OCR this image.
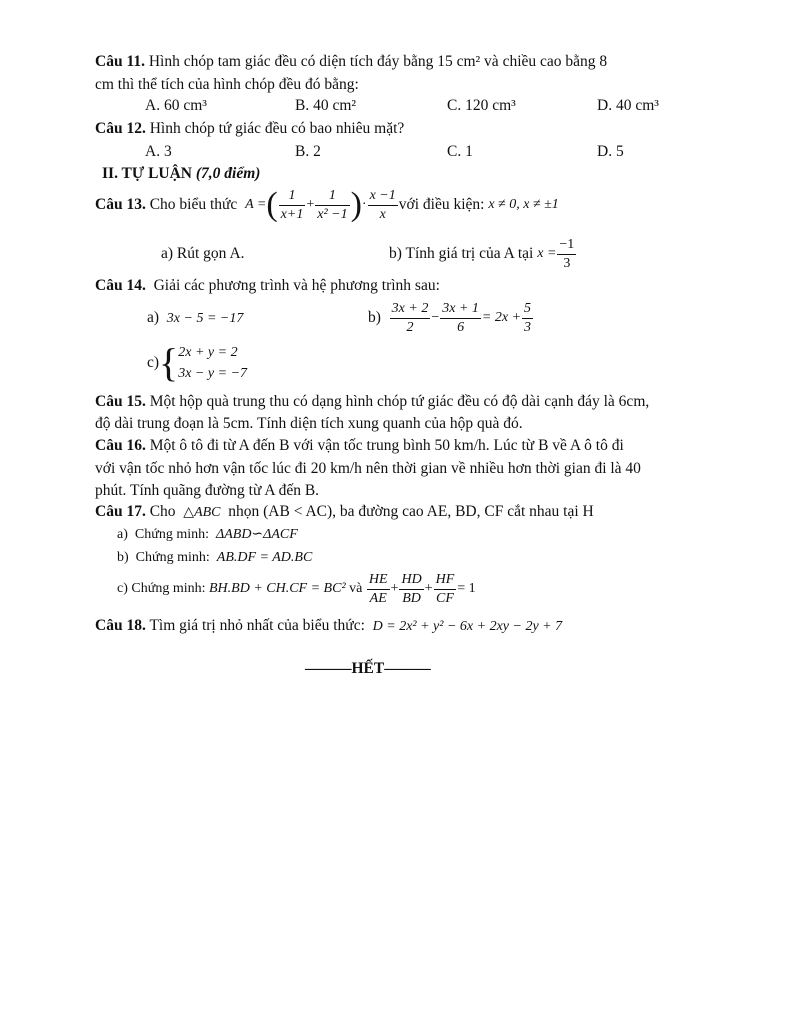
Câu 11. Hình chóp tam giác đều có diện tích đáy bằng 15 cm² và chiều cao bằng 8
cm thì thể tích của hình chóp đều đó bằng:
A. 60 cm³	B. 40 cm²	C. 120 cm³	D. 40 cm³
Câu 12. Hình chóp tứ giác đều có bao nhiêu mặt?
A. 3	B. 2	C. 1	D. 5
II. TỰ LUẬN (7,0 điểm)
Câu 13.
Cho biểu thức
A = ( $\frac{1}{x+1} + \frac{1}{\text{x² −1}}$ ) · $\frac{x -1}{x}$ với điều kiện:
x ≠ 0, x ≠ ±1
a) Rút gọn A.	b) Tính giá trị của A tại
$x = \frac{-1}{3}$
Câu 14. Giải các phương trình và hệ phương trình sau:
a) 3x − 5 = −17	b)
$\frac{3x + 2}{2} - \frac{3x + 1}{6} = 2x + \frac{5}{3}$
c) { 2x + y = 2
3x − y = −7
Câu 15. Một hộp quà trung thu có dạng hình chóp tứ giác đều có độ dài cạnh đáy là 6cm,
độ dài trung đoạn là 5cm. Tính diện tích xung quanh của hộp quà đó.
Câu 16. Một ô tô đi từ A đến B với vận tốc trung bình 50 km/h. Lúc từ B về A ô tô đi
với vận tốc nhỏ hơn vận tốc lúc đi 20 km/h nên thời gian về nhiều hơn thời gian đi là 40
phút. Tính quãng đường từ A đến B.
Câu 17. Cho △ABC nhọn (AB < AC), ba đường cao AE, BD, CF cắt nhau tại H
a) Chứng minh: ΔABD∽ΔACF
b) Chứng minh: AB.DF = AD.BC
c)
Chứng minh:
BH.BD + CH.CF = BC²
và
$\frac{HE}{AE} + \frac{HD}{BD} + \frac{HF}{CF} = 1$
Câu 18. Tìm giá trị nhỏ nhất của biểu thức: D = 2x² + y² − 6x + 2xy − 2y + 7
———HẾT———
